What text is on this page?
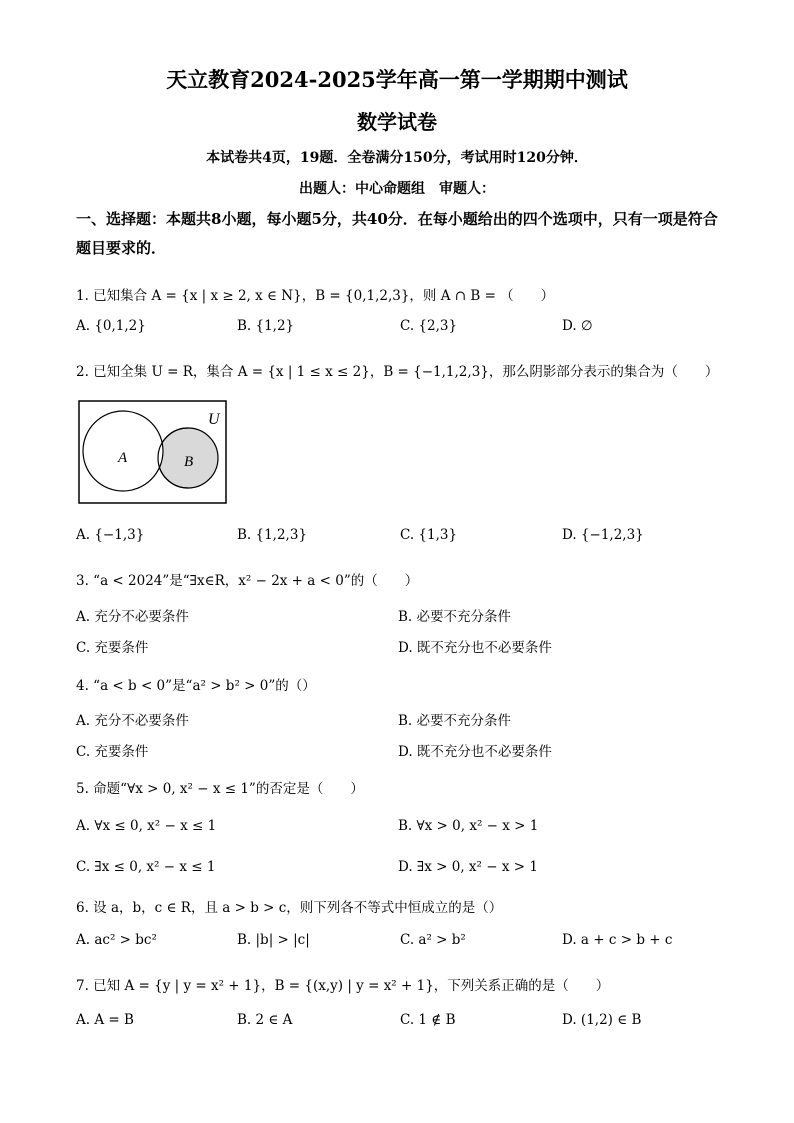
天立教育2024-2025学年高一第一学期期中测试
数学试卷
本试卷共4页，19题．全卷满分150分，考试用时120分钟．
出题人：中心命题组　审题人：
一、选择题：本题共8小题，每小题5分，共40分．在每小题给出的四个选项中，只有一项是符合题目要求的．
1. 已知集合 A = {x | x ≥ 2, x ∈ N}，B = {0,1,2,3}，则 A ∩ B = （　　）
A. {0,1,2}	B. {1,2}	C. {2,3}	D. ∅
2. 已知全集 U = R，集合 A = {x | 1 ≤ x ≤ 2}，B = {−1,1,2,3}，那么阴影部分表示的集合为（　　）
U
A	B
A. {−1,3}	B. {1,2,3}	C. {1,3}	D. {−1,2,3}
3. “a < 2024”是“∃x∈R，x² − 2x + a < 0”的（　　）
A. 充分不必要条件	B. 必要不充分条件
C. 充要条件	D. 既不充分也不必要条件
4. “a < b < 0”是“a² > b² > 0”的（）
A. 充分不必要条件	B. 必要不充分条件
C. 充要条件	D. 既不充分也不必要条件
5. 命题“∀x > 0, x² − x ≤ 1”的否定是（　　）
A. ∀x ≤ 0, x² − x ≤ 1	B. ∀x > 0, x² − x > 1
C. ∃x ≤ 0, x² − x ≤ 1	D. ∃x > 0, x² − x > 1
6. 设 a，b，c ∈ R，且 a > b > c，则下列各不等式中恒成立的是（）
A. ac² > bc²	B. |b| > |c|	C. a² > b²	D. a + c > b + c
7. 已知 A = {y | y = x² + 1}，B = {(x,y) | y = x² + 1}，下列关系正确的是（　　）
A. A = B	B. 2 ∈ A	C. 1 ∉ B	D. (1,2) ∈ B
